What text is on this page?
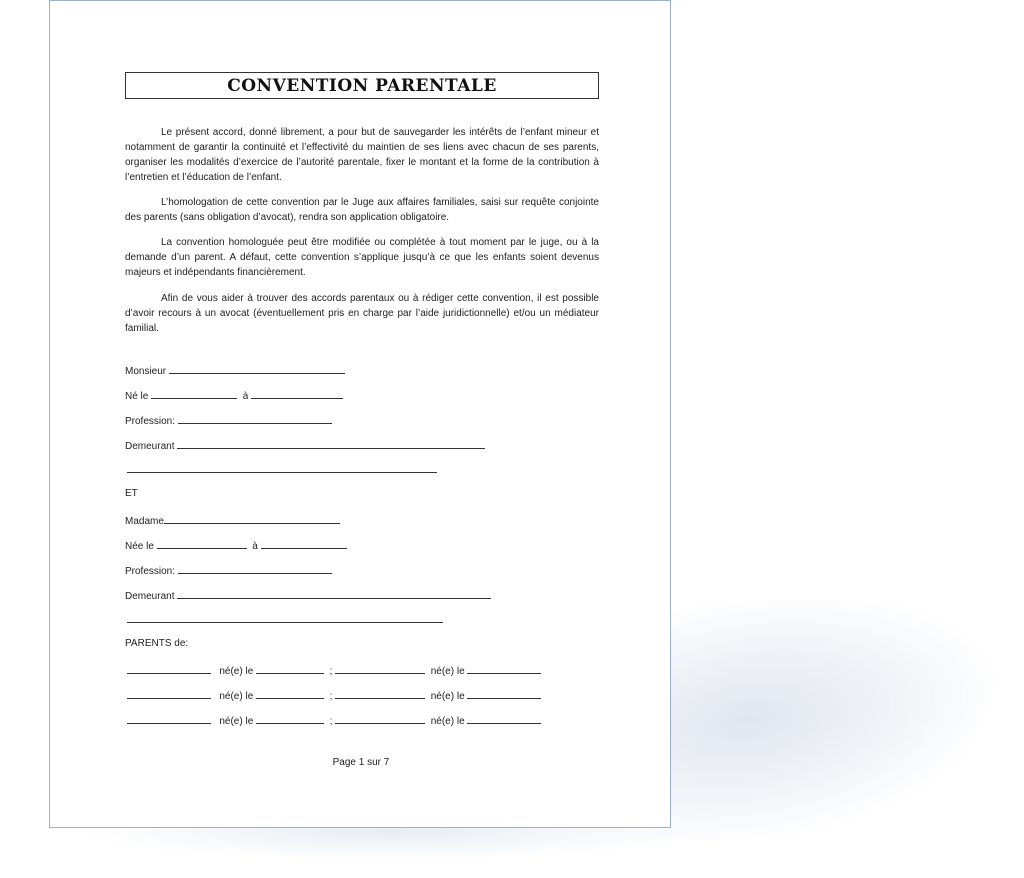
CONVENTION PARENTALE

Le présent accord, donné librement, a pour but de sauvegarder les intérêts de l’enfant mineur et notamment de garantir la continuité et l’effectivité du maintien de ses liens avec chacun de ses parents, organiser les modalités d’exercice de l’autorité parentale, fixer le montant et la forme de la contribution à l’entretien et l’éducation de l’enfant.

L’homologation de cette convention par le Juge aux affaires familiales, saisi sur requête conjointe des parents (sans obligation d’avocat), rendra son application obligatoire.

La convention homologuée peut être modifiée ou complétée à tout moment par le juge, ou à la demande d’un parent. A défaut, cette convention s’applique jusqu’à ce que les enfants soient devenus majeurs et indépendants financièrement.

Afin de vous aider à trouver des accords parentaux ou à rédiger cette convention, il est possible d’avoir recours à un avocat (éventuellement pris en charge par l’aide juridictionnelle) et/ou un médiateur familial.

Monsieur
Né le	à
Profession:
Demeurant
ET
Madame
Née le	à
Profession:
Demeurant
PARENTS de:
né(e) le	;	né(e) le
né(e) le	;	né(e) le
né(e) le	;	né(e) le
Page 1 sur 7
